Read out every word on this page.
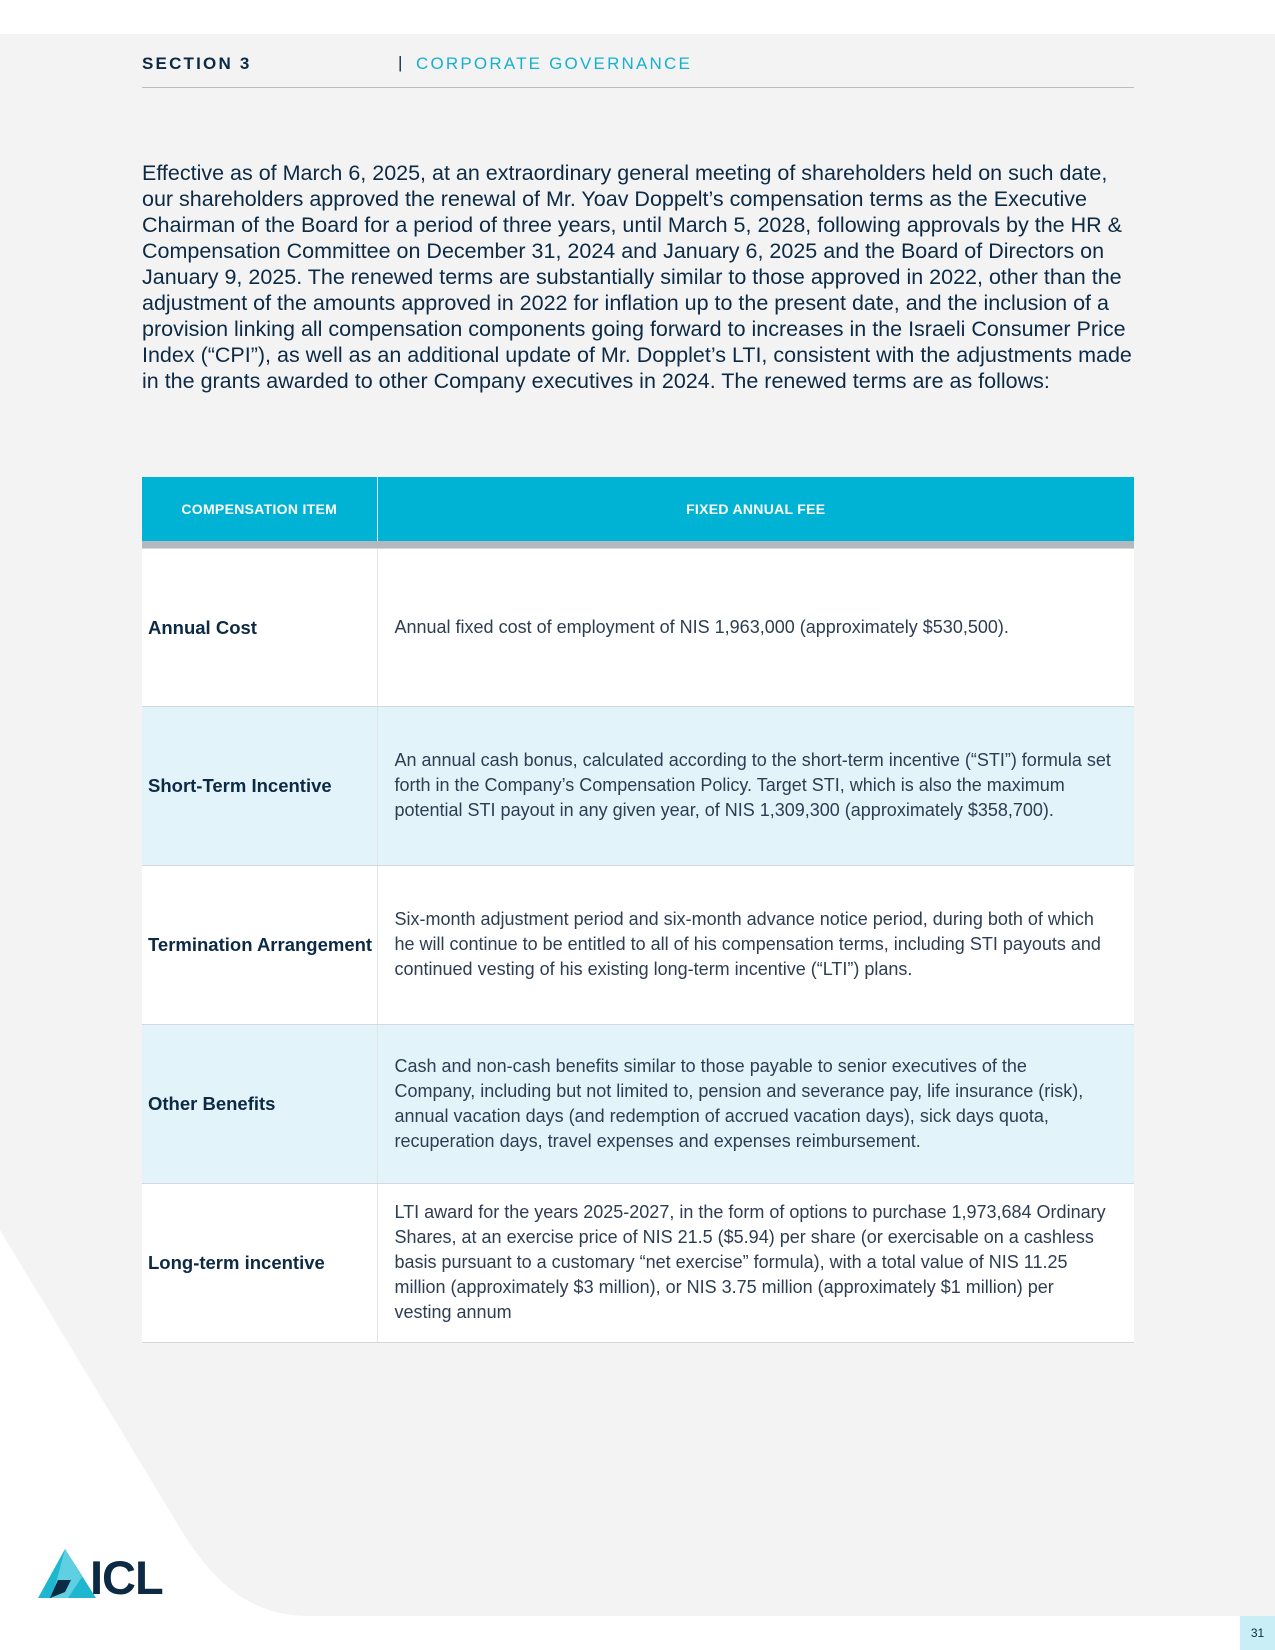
SECTION 3	| CORPORATE GOVERNANCE

Effective as of March 6, 2025, at an extraordinary general meeting of shareholders held on such date, our shareholders approved the renewal of Mr. Yoav Doppelt’s compensation terms as the Executive Chairman of the Board for a period of three years, until March 5, 2028, following approvals by the HR & Compensation Committee on December 31, 2024 and January 6, 2025 and the Board of Directors on January 9, 2025. The renewed terms are substantially similar to those approved in 2022, other than the adjustment of the amounts approved in 2022 for inflation up to the present date, and the inclusion of a provision linking all compensation components going forward to increases in the Israeli Consumer Price Index (“CPI”), as well as an additional update of Mr. Dopplet’s LTI, consistent with the adjustments made in the grants awarded to other Company executives in 2024. The renewed terms are as follows:

COMPENSATION ITEM	FIXED ANNUAL FEE

Annual Cost	Annual fixed cost of employment of NIS 1,963,000 (approximately $530,500).
Short-Term Incentive	An annual cash bonus, calculated according to the short-term incentive (“STI”) formula set forth in the Company’s Compensation Policy. Target STI, which is also the maximum potential STI payout in any given year, of NIS 1,309,300 (approximately $358,700).
Termination Arrangement	Six-month adjustment period and six-month advance notice period, during both of which he will continue to be entitled to all of his compensation terms, including STI payouts and continued vesting of his existing long-term incentive (“LTI”) plans.
Other Benefits	Cash and non-cash benefits similar to those payable to senior executives of the Company, including but not limited to, pension and severance pay, life insurance (risk), annual vacation days (and redemption of accrued vacation days), sick days quota, recuperation days, travel expenses and expenses reimbursement.
Long-term incentive	LTI award for the years 2025-2027, in the form of options to purchase 1,973,684 Ordinary Shares, at an exercise price of NIS 21.5 ($5.94) per share (or exercisable on a cashless basis pursuant to a customary “net exercise” formula), with a total value of NIS 11.25 million (approximately $3 million), or NIS 3.75 million (approximately $1 million) per vesting annum
ICL
31
